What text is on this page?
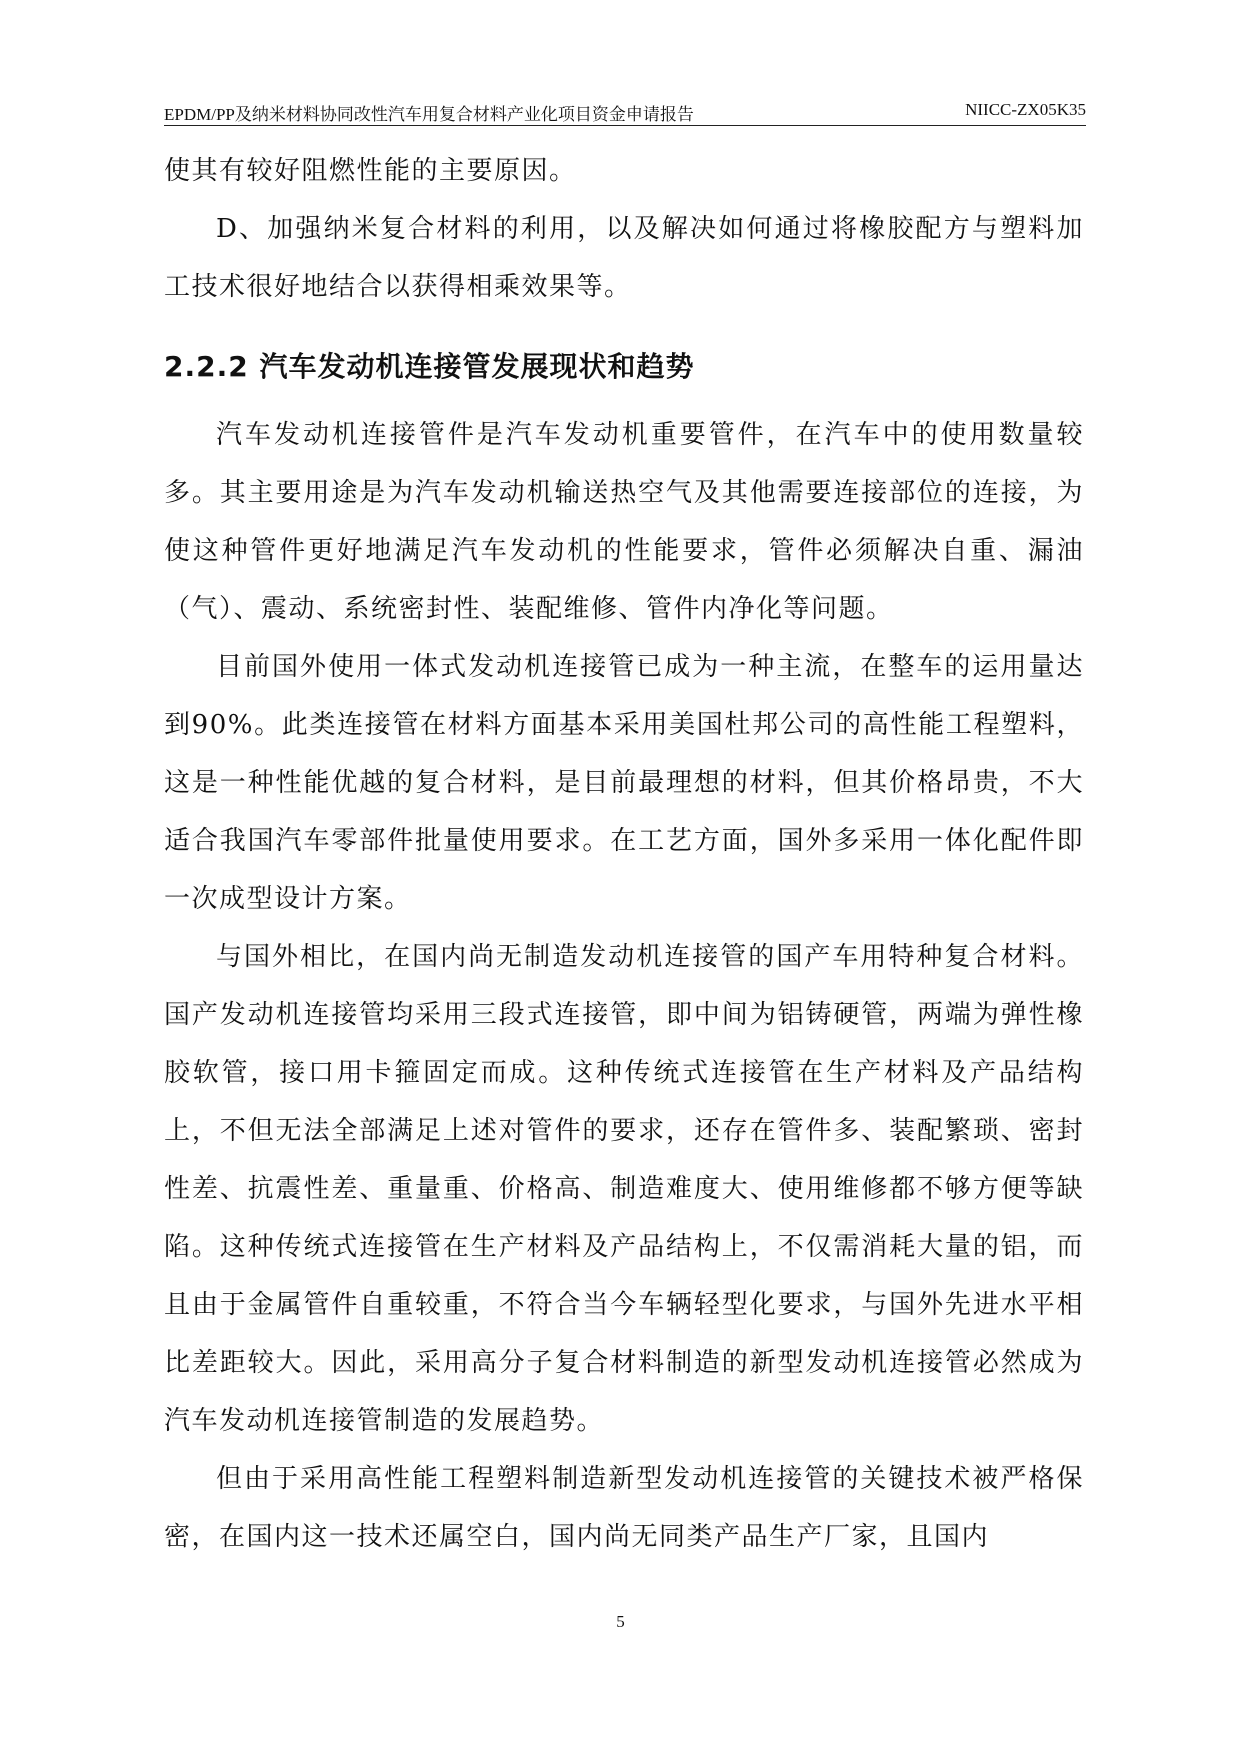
EPDM/PP及纳米材料协同改性汽车用复合材料产业化项目资金申请报告	NIICC-ZX05K35

使其有较好阻燃性能的主要原因。

D、加强纳米复合材料的利用，以及解决如何通过将橡胶配方与塑料加工技术很好地结合以获得相乘效果等。

2.2.2 汽车发动机连接管发展现状和趋势

汽车发动机连接管件是汽车发动机重要管件，在汽车中的使用数量较多。其主要用途是为汽车发动机输送热空气及其他需要连接部位的连接，为使这种管件更好地满足汽车发动机的性能要求，管件必须解决自重、漏油（气）、震动、系统密封性、装配维修、管件内净化等问题。

目前国外使用一体式发动机连接管已成为一种主流，在整车的运用量达到90%。此类连接管在材料方面基本采用美国杜邦公司的高性能工程塑料，这是一种性能优越的复合材料，是目前最理想的材料，但其价格昂贵，不大适合我国汽车零部件批量使用要求。在工艺方面，国外多采用一体化配件即一次成型设计方案。

与国外相比，在国内尚无制造发动机连接管的国产车用特种复合材料。国产发动机连接管均采用三段式连接管，即中间为铝铸硬管，两端为弹性橡胶软管，接口用卡箍固定而成。这种传统式连接管在生产材料及产品结构上，不但无法全部满足上述对管件的要求，还存在管件多、装配繁琐、密封性差、抗震性差、重量重、价格高、制造难度大、使用维修都不够方便等缺陷。这种传统式连接管在生产材料及产品结构上，不仅需消耗大量的铝，而且由于金属管件自重较重，不符合当今车辆轻型化要求，与国外先进水平相比差距较大。因此，采用高分子复合材料制造的新型发动机连接管必然成为汽车发动机连接管制造的发展趋势。

但由于采用高性能工程塑料制造新型发动机连接管的关键技术被严格保密，在国内这一技术还属空白，国内尚无同类产品生产厂家，且国内

5
